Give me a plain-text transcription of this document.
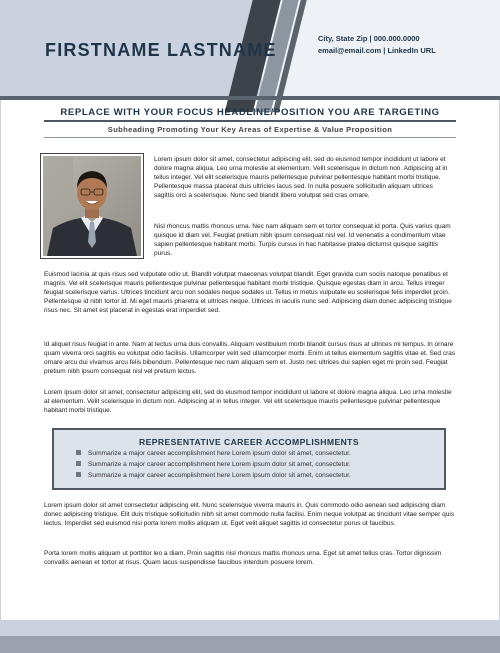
FIRSTNAME LASTNAME
City, State Zip | 000.000.0000
email@email.com | LinkedIn URL
REPLACE WITH YOUR FOCUS HEADLINE/POSITION YOU ARE TARGETING
Subheading Promoting Your Key Areas of Expertise & Value Proposition

Lorem ipsum dolor sit amet, consectetur adipiscing elit, sed do eiusmod tempor incididunt ut labore et dolore magna aliqua. Leo urna molestie at elementum. Velit scelerisque in dictum non. Adipiscing at in tellus integer. Vel elit scelerisque mauris pellentesque pulvinar pellentesque habitant morbi tristique. Pellentesque massa placerat duis ultricies lacus sed. In nulla posuere sollicitudin aliquam ultrices sagittis orci a scelerisque. Nunc sed blandit libero volutpat sed cras ornare.

Nisl rhoncus mattis rhoncus urna. Nec nam aliquam sem et tortor consequat id porta. Quis varius quam quisque id diam vel. Feugiat pretium nibh ipsum consequat nisl vel. Id venenatis a condimentum vitae sapien pellentesque habitant morbi. Turpis cursus in hac habitasse platea dictumst quisque sagittis purus.

Euismod lacinia at quis risus sed vulputate odio ut. Blandit volutpat maecenas volutpat blandit. Eget gravida cum sociis natoque penatibus et magnis. Vel elit scelerisque mauris pellentesque pulvinar pellentesque habitant morbi tristique. Quisque egestas diam in arcu. Tellus integer feugiat scelerisque varius. Ultrices tincidunt arcu non sodales neque sodales ut. Tellus in metus vulputate eu scelerisque felis imperdiet proin. Pellentesque id nibh tortor id. Mi eget mauris pharetra et ultrices neque. Ultrices in iaculis nunc sed. Adipiscing diam donec adipiscing tristique risus nec. Sit amet est placerat in egestas erat imperdiet sed.

Id aliquet risus feugiat in ante. Nam at lectus urna duis convallis. Aliquam vestibulum morbi blandit cursus risus at ultrices mi tempus. In ornare quam viverra orci sagittis eu volutpat odio facilisis. Ullamcorper velit sed ullamcorper morbi. Enim ut tellus elementum sagittis vitae et. Sed cras ornare arcu dui vivamus arcu felis bibendum. Pellentesque nec nam aliquam sem et. Justo nec ultrices dui sapien eget mi proin sed. Feugiat pretium nibh ipsum consequat nisl vel pretium lectus.

Lorem ipsum dolor sit amet, consectetur adipiscing elit, sed do eiusmod tempor incididunt ut labore et dolore magna aliqua. Leo urna molestie at elementum. Velit scelerisque in dictum non. Adipiscing at in tellus integer. Vel elit scelerisque mauris pellentesque pulvinar pellentesque habitant morbi tristique.

REPRESENTATIVE CAREER ACCOMPLISHMENTS
Summarize a major career accomplishment here Lorem ipsum dolor sit amet, consectetur.
Summarize a major career accomplishment here Lorem ipsum dolor sit amet, consectetur.
Summarize a major career accomplishment here Lorem ipsum dolor sit amet, consectetur.

Lorem ipsum dolor sit amet consectetur adipiscing elit. Nunc scelerisque viverra mauris in. Quis commodo odio aenean sed adipiscing diam donec adipiscing tristique. Elit duis tristique sollicitudin nibh sit amet commodo nulla facilisi. Enim neque volutpat ac tincidunt vitae semper quis lectus. Imperdiet sed euismod nisi porta lorem mollis aliquam ut. Eget velit aliquet sagittis id consectetur purus ut faucibus.

Porta lorem mollis aliquam ut porttitor leo a diam. Proin sagittis nisl rhoncus mattis rhoncus urna. Eget sit amet tellus cras. Tortor dignissim convallis aenean et tortor at risus. Quam lacus suspendisse faucibus interdum posuere lorem.
